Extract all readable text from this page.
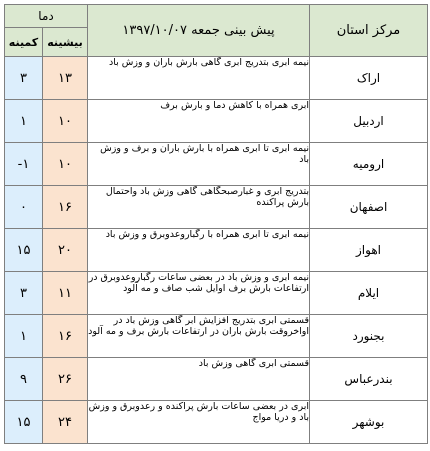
دما		پیش بینی جمعه ۱۳۹۷/۱۰/۰۷	مرکز استان
کمینه	بیشینه		
۳	۱۳	نیمه ابری بتدریج ابری گاهی بارش باران و وزش باد	اراک
۱	۱۰	ابری همراه با کاهش دما و بارش برف	اردبیل
-۱	۱۰	نیمه ابری تا ابری همراه با بارش باران و برف و وزش باد	ارومیه
۰	۱۶	بتدریج ابری و غبارصبحگاهی گاهی وزش باد واحتمال بارش پراکنده	اصفهان
۱۵	۲۰	نیمه ابری تا ابری همراه با رگباروعدوبرق و وزش باد	اهواز
۳	۱۱	نیمه ابری و وزش باد در بعضی ساعات رگباروعدوبرق در ارتفاعات بارش برف اوایل شب صاف و مه آلود	ایلام
۱	۱۶	قسمتی ابری بتدریج افزایش ابر گاهی وزش باد در اواخروقت بارش باران در ارتفاعات بارش برف و مه آلود	بجنورد
۹	۲۶	قسمتی ابری گاهی وزش باد	بندرعباس
۱۵	۲۴	ابری در بعضی ساعات بارش پراکنده و رعدوبرق و وزش باد و دریا مواج	بوشهر
